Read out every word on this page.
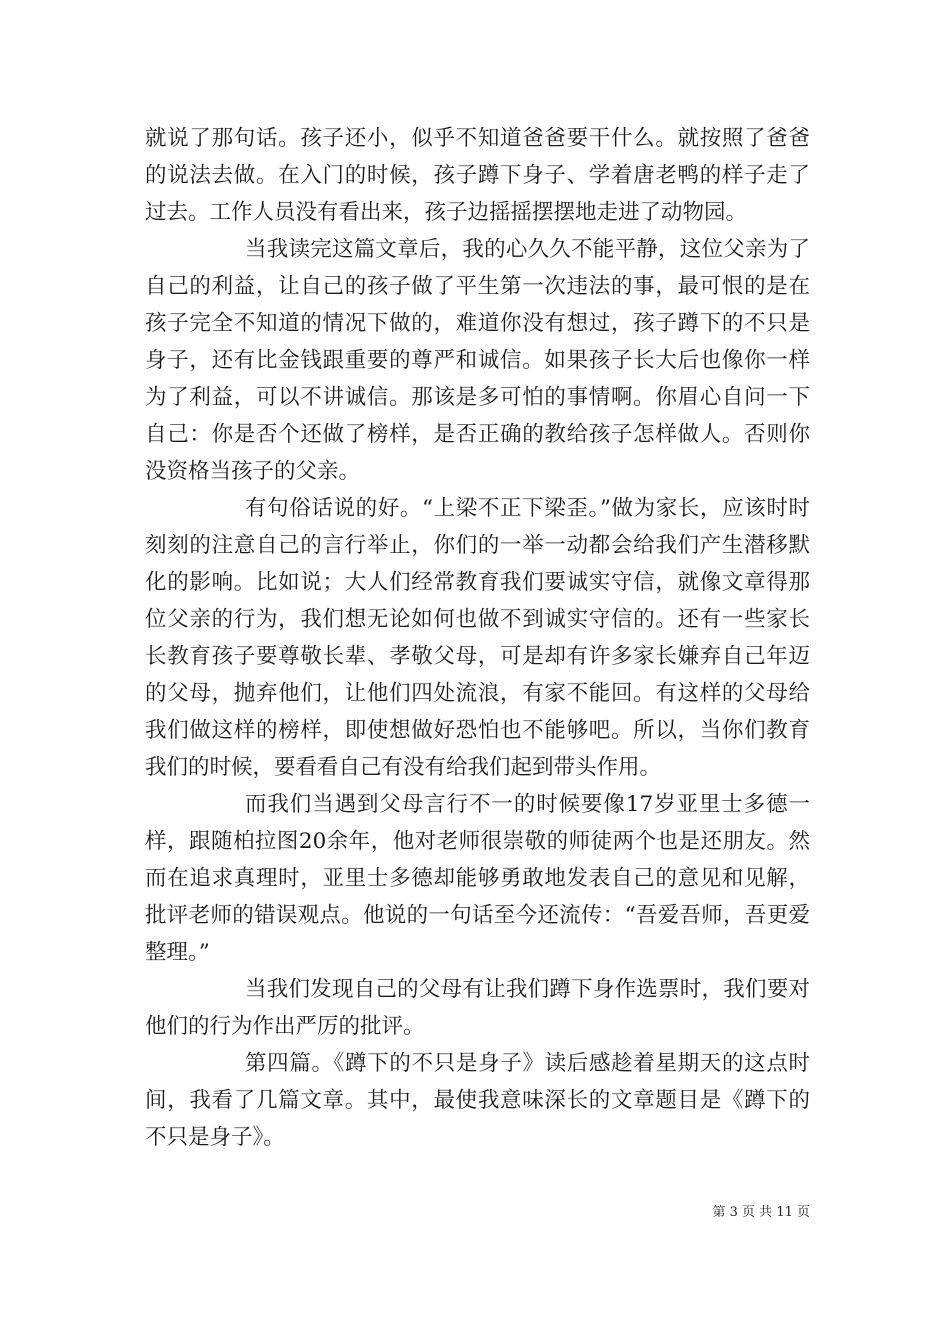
就说了那句话。孩子还小，似乎不知道爸爸要干什么。就按照了爸爸的说法去做。在入门的时候，孩子蹲下身子、学着唐老鸭的样子走了过去。工作人员没有看出来，孩子边摇摇摆摆地走进了动物园。

当我读完这篇文章后，我的心久久不能平静，这位父亲为了自己的利益，让自己的孩子做了平生第一次违法的事，最可恨的是在孩子完全不知道的情况下做的，难道你没有想过，孩子蹲下的不只是身子，还有比金钱跟重要的尊严和诚信。如果孩子长大后也像你一样为了利益，可以不讲诚信。那该是多可怕的事情啊。你眉心自问一下自己：你是否个还做了榜样，是否正确的教给孩子怎样做人。否则你没资格当孩子的父亲。

有句俗话说的好。“上梁不正下梁歪。”做为家长，应该时时刻刻的注意自己的言行举止，你们的一举一动都会给我们产生潜移默化的影响。比如说；大人们经常教育我们要诚实守信，就像文章得那位父亲的行为，我们想无论如何也做不到诚实守信的。还有一些家长长教育孩子要尊敬长辈、孝敬父母，可是却有许多家长嫌弃自己年迈的父母，抛弃他们，让他们四处流浪，有家不能回。有这样的父母给我们做这样的榜样，即使想做好恐怕也不能够吧。所以，当你们教育我们的时候，要看看自己有没有给我们起到带头作用。

而我们当遇到父母言行不一的时候要像17岁亚里士多德一样，跟随柏拉图20余年，他对老师很崇敬的师徒两个也是还朋友。然而在追求真理时，亚里士多德却能够勇敢地发表自己的意见和见解，批评老师的错误观点。他说的一句话至今还流传：“吾爱吾师，吾更爱整理。”

当我们发现自己的父母有让我们蹲下身作选票时，我们要对他们的行为作出严厉的批评。

第四篇。《蹲下的不只是身子》读后感趁着星期天的这点时间，我看了几篇文章。其中，最使我意味深长的文章题目是《蹲下的不只是身子》。

第 3 页 共 11 页
